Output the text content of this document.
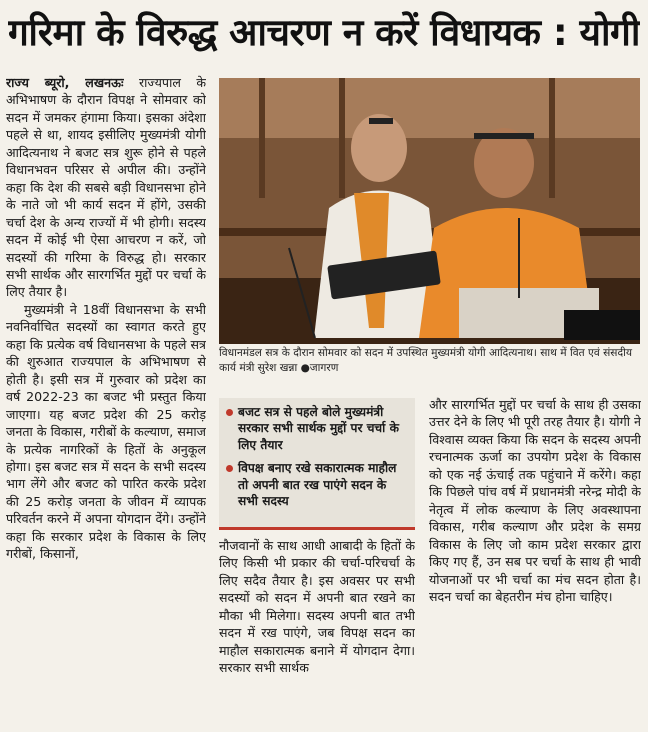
गरिमा के विरुद्ध आचरण न करें विधायक : योगी

राज्य ब्यूरो, लखनऊः राज्यपाल के अभिभाषण के दौरान विपक्ष ने सोमवार को सदन में जमकर हंगामा किया। इसका अंदेशा पहले से था, शायद इसीलिए मुख्यमंत्री योगी आदित्यनाथ ने बजट सत्र शुरू होने से पहले विधानभवन परिसर से अपील की। उन्होंने कहा कि देश की सबसे बड़ी विधानसभा होने के नाते जो भी कार्य सदन में होंगे, उसकी चर्चा देश के अन्य राज्यों में भी होगी। सदस्य सदन में कोई भी ऐसा आचरण न करें, जो सदस्यों की गरिमा के विरुद्ध हो। सरकार सभी सार्थक और सारगर्भित मुद्दों पर चर्चा के लिए तैयार है।

मुख्यमंत्री ने 18वीं विधानसभा के सभी नवनिर्वाचित सदस्यों का स्वागत करते हुए कहा कि प्रत्येक वर्ष विधानसभा के पहले सत्र की शुरुआत राज्यपाल के अभिभाषण से होती है। इसी सत्र में गुरुवार को प्रदेश का वर्ष 2022-23 का बजट भी प्रस्तुत किया जाएगा। यह बजट प्रदेश की 25 करोड़ जनता के विकास, गरीबों के कल्याण, समाज के प्रत्येक नागरिकों के हितों के अनुकूल होगा। इस बजट सत्र में सदन के सभी सदस्य भाग लेंगे और बजट को पारित करके प्रदेश की 25 करोड़ जनता के जीवन में व्यापक परिवर्तन करने में अपना योगदान देंगे। उन्होंने कहा कि सरकार प्रदेश के विकास के लिए गरीबों, किसानों,

विधानमंडल सत्र के दौरान सोमवार को सदन में उपस्थित मुख्यमंत्री योगी आदित्यनाथ। साथ में वित एवं संसदीय कार्य मंत्री सुरेश खन्ना ●जागरण
बजट सत्र से पहले बोले मुख्यमंत्री सरकार सभी सार्थक मुद्दों पर चर्चा के लिए तैयार
विपक्ष बनाए रखे सकारात्मक माहौल तो अपनी बात रख पाएंगे सदन के सभी सदस्य

नौजवानों के साथ आधी आबादी के हितों के लिए किसी भी प्रकार की चर्चा-परिचर्चा के लिए सदैव तैयार है। इस अवसर पर सभी सदस्यों को सदन में अपनी बात रखने का मौका भी मिलेगा। सदस्य अपनी बात तभी सदन में रख पाएंगे, जब विपक्ष सदन का माहौल सकारात्मक बनाने में योगदान देगा। सरकार सभी सार्थक

और सारगर्भित मुद्दों पर चर्चा के साथ ही उसका उत्तर देने के लिए भी पूरी तरह तैयार है। योगी ने विश्वास व्यक्त किया कि सदन के सदस्य अपनी रचनात्मक ऊर्जा का उपयोग प्रदेश के विकास को एक नई ऊंचाई तक पहुंचाने में करेंगे। कहा कि पिछले पांच वर्ष में प्रधानमंत्री नरेन्द्र मोदी के नेतृत्व में लोक कल्याण के लिए अवस्थापना विकास, गरीब कल्याण और प्रदेश के समग्र विकास के लिए जो काम प्रदेश सरकार द्वारा किए गए हैं, उन सब पर चर्चा के साथ ही भावी योजनाओं पर भी चर्चा का मंच सदन होता है। सदन चर्चा का बेहतरीन मंच होना चाहिए।
